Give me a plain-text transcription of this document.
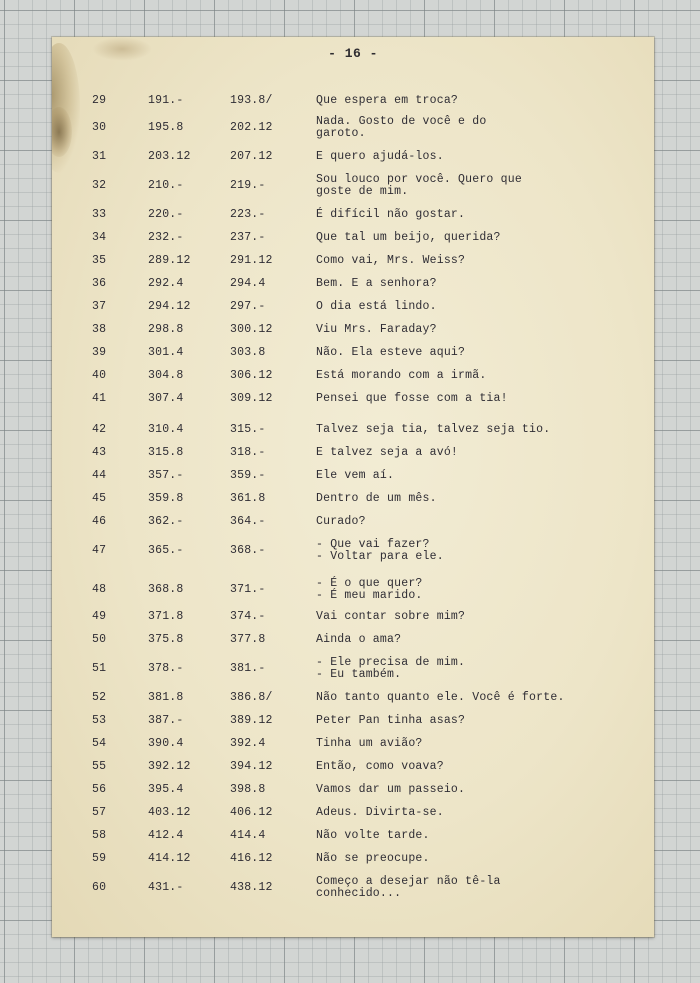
- 16 -
29	191.-	193.8/	Que espera em troca?
30	195.8	202.12	Nada. Gosto de você e do
garoto.
31	203.12	207.12	E quero ajudá-los.
32	210.-	219.-	Sou louco por você. Quero que
goste de mim.
33	220.-	223.-	É difícil não gostar.
34	232.-	237.-	Que tal um beijo, querida?
35	289.12	291.12	Como vai, Mrs. Weiss?
36	292.4	294.4	Bem. E a senhora?
37	294.12	297.-	O dia está lindo.
38	298.8	300.12	Viu Mrs. Faraday?
39	301.4	303.8	Não. Ela esteve aqui?
40	304.8	306.12	Está morando com a irmã.
41	307.4	309.12	Pensei que fosse com a tia!
42	310.4	315.-	Talvez seja tia, talvez seja tio.
43	315.8	318.-	E talvez seja a avó!
44	357.-	359.-	Ele vem aí.
45	359.8	361.8	Dentro de um mês.
46	362.-	364.-	Curado?
47	365.-	368.-	- Que vai fazer?
- Voltar para ele.
48	368.8	371.-	- É o que quer?
- É meu marido.
49	371.8	374.-	Vai contar sobre mim?
50	375.8	377.8	Ainda o ama?
51	378.-	381.-	- Ele precisa de mim.
- Eu também.
52	381.8	386.8/	Não tanto quanto ele. Você é forte.
53	387.-	389.12	Peter Pan tinha asas?
54	390.4	392.4	Tinha um avião?
55	392.12	394.12	Então, como voava?
56	395.4	398.8	Vamos dar um passeio.
57	403.12	406.12	Adeus. Divirta-se.
58	412.4	414.4	Não volte tarde.
59	414.12	416.12	Não se preocupe.
60	431.-	438.12	Começo a desejar não tê-la
conhecido...
